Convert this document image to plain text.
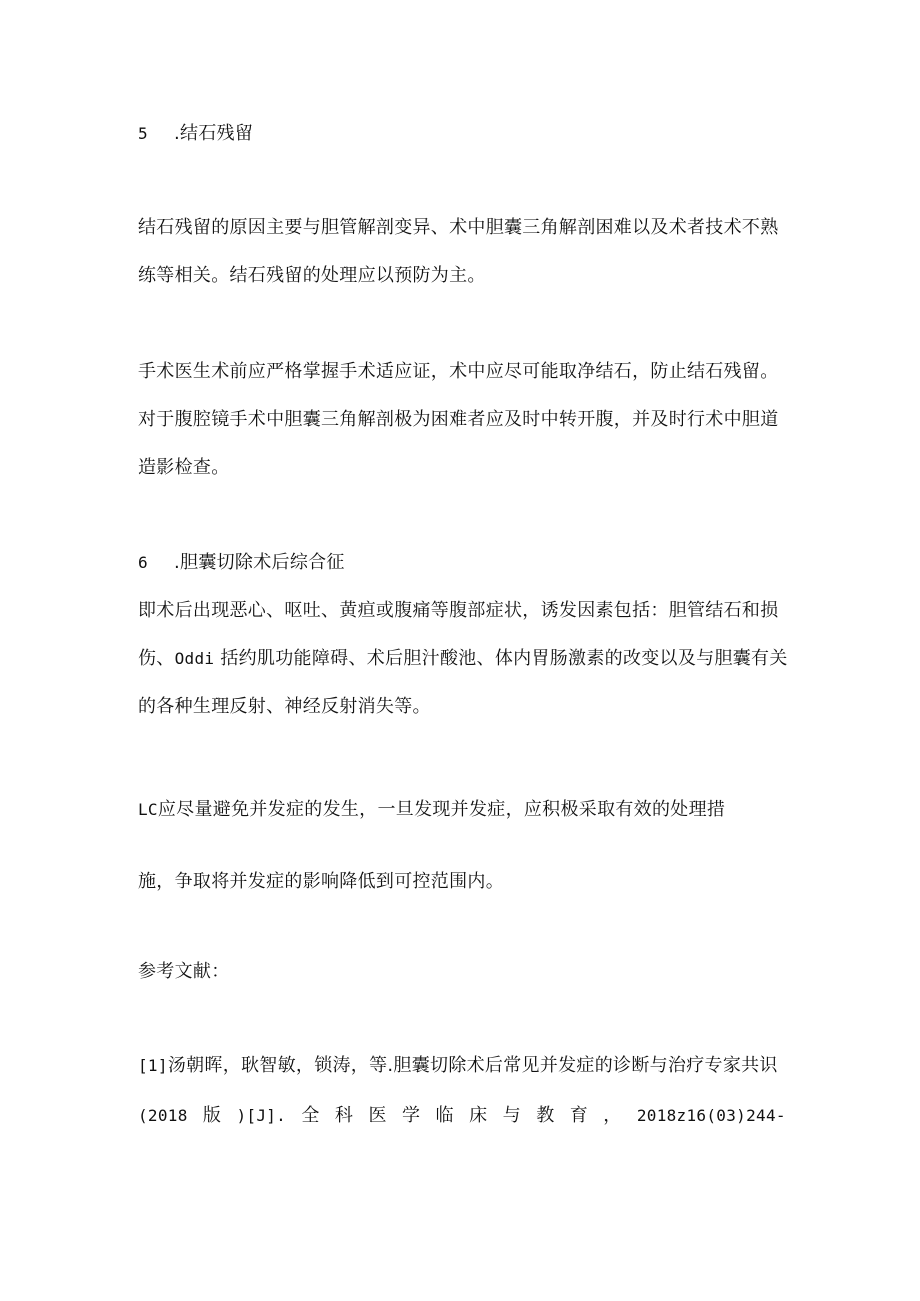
5 .结石残留
结石残留的原因主要与胆管解剖变异、术中胆囊三角解剖困难以及术者技术不熟
练等相关。结石残留的处理应以预防为主。
手术医生术前应严格掌握手术适应证，术中应尽可能取净结石，防止结石残留。
对于腹腔镜手术中胆囊三角解剖极为困难者应及时中转开腹，并及时行术中胆道
造影检查。
6 .胆囊切除术后综合征
即术后出现恶心、呕吐、黄疸或腹痛等腹部症状，诱发因素包括：胆管结石和损
伤、Oddi 括约肌功能障碍、术后胆汁酸池、体内胃肠激素的改变以及与胆囊有关
的各种生理反射、神经反射消失等。
LC应尽量避免并发症的发生，一旦发现并发症，应积极采取有效的处理措
施，争取将并发症的影响降低到可控范围内。
参考文献：
[1]汤朝晖，耿智敏，锁涛，等.胆囊切除术后常见并发症的诊断与治疗专家共识
(2018 版 )[J]. 全 科 医 学 临 床 与 教 育 ， 2018z16(03)244-
